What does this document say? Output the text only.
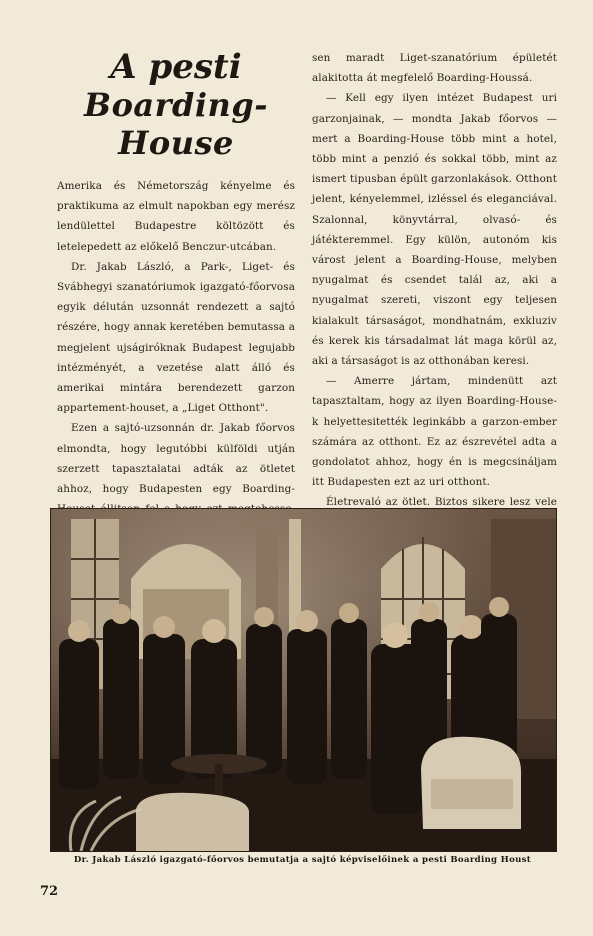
A pesti
Boarding-House

Amerika és Németország kényelme és praktikuma az elmult napokban egy merész lendülettel Budapestre költözött és letelepedett az előkelő Benczur-utcában.

Dr. Jakab László, a Park-, Liget- és Svábhegyi szanatóriumok igazgató-főorvosa egyik délután uzsonnát rendezett a sajtó részére, hogy annak keretében bemutassa a megjelent ujságiróknak Budapest legujabb intézményét, a vezetése alatt álló és amerikai mintára berendezett garzon appartement-houset, a „Liget Otthont".

Ezen a sajtó-uzsonnán dr. Jakab főorvos elmondta, hogy legutóbbi külföldi utján szerzett tapasztalatai adták az ötletet ahhoz, hogy Budapesten egy Boarding-

sen maradt Liget-szanatórium épületét alakitotta át megfelelő Boarding-Houssá.

— Kell egy ilyen intézet Budapest uri garzonjainak, — mondta Jakab főorvos — mert a Boarding-House több mint a hotel, több mint a penzió és sokkal több, mint az ismert tipusban épült garzonlakások. Otthont jelent, kényelemmel, izléssel és eleganciával. Szalonnal, könyvtárral, olvasó- és játékteremmel. Egy külön, autonóm kis várost jelent a Boarding-House, melyben nyugalmat és csendet talál az, aki a nyugalmat szereti, viszont egy teljesen kialakult társaságot, mondhatnám, exkluziv és kerek kis társadalmat lát maga körül az, aki a társaságot is az otthonában keresi.

— Amerre jártam, mindenütt azt tapasztaltam, hogy az ilyen Boarding-House-k helyettesitették leginkább a garzon-ember számára az otthont. Ez az észrevétel adta a gondolatot ahhoz, hogy én is megcsináljam itt Budapesten ezt az uri otthont.

Életrevaló az ötlet. Biztos sikere lesz vele

Dr. Jakab László igazgató-főorvos bemutatja a sajtó képviselőinek a pesti Boarding Houst
72
